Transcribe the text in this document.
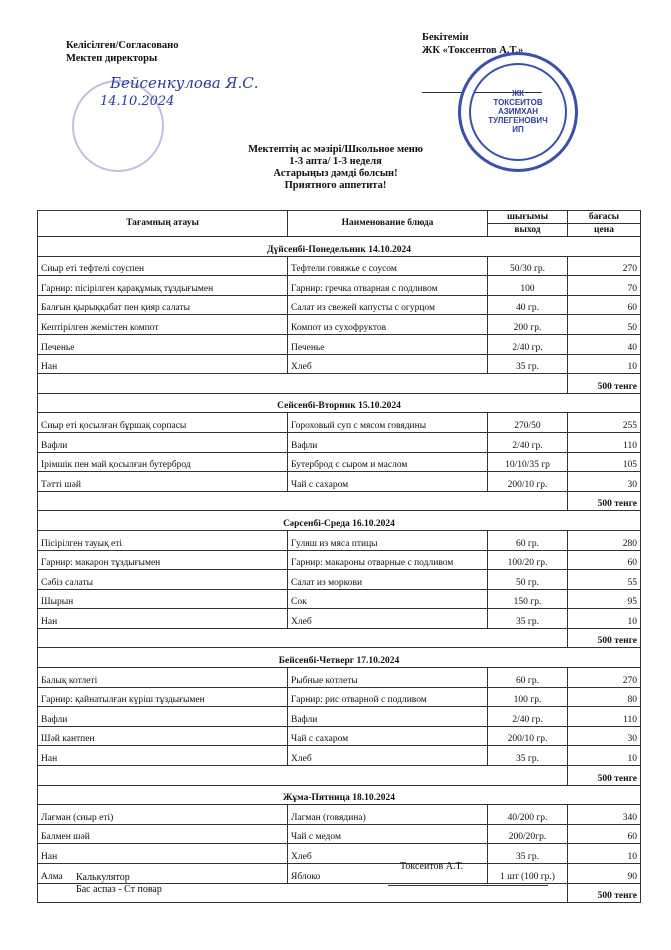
Келісілген/Согласовано
Мектеп директоры
Бейсенкулова Я.С.
14.10.2024
Бекітемін
ЖК «Токсентов А.Т.»
ЖК
ТОКСЕИТОВ
АЗИМХАН
ТУЛЕГЕНОВИЧ
ИП
Мектептің ас мәзірі/Школьное меню
1-3 апта/ 1-3 неделя
Астарыңыз дәмді болсын!
Приятного аппетита!
Тағамның атауы	Наименование блюда	шығымы	бағасы
		выход	цена
Дүйсенбі-Понедельник 14.10.2024			
Сиыр еті тефтелі соуспен	Тефтели говяжье с соусом	50/30 гр.	270
Гарнир: пісірілген қарақұмық тұздығымен	Гарнир: гречка отварная с подливом	100	70
Балғын қырыққабат пен қияр салаты	Салат из свежей капусты с огурцом	40 гр.	60
Кептірілген жемістен компот	Компот из сухофруктов	200 гр.	50
Печенье	Печенье	2/40 гр.	40
Нан	Хлеб	35 гр.	10
			500 тенге
Сейсенбі-Вторник 15.10.2024			
Сиыр еті қосылған бұршақ сорпасы	Гороховый суп с мясом говядины	270/50	255
Вафли	Вафли	2/40 гр.	110
Ірімшік пен май қосылған бутерброд	Бутерброд с сыром и маслом	10/10/35 гр	105
Тәтті шәй	Чай с сахаром	200/10 гр.	30
			500 тенге
Сәрсенбі-Среда 16.10.2024			
Пісірілген тауық еті	Гуляш из мяса птицы	60 гр.	280
Гарнир: макарон тұздығымен	Гарнир: макароны отварные с подливом	100/20 гр.	60
Сәбіз салаты	Салат из моркови	50 гр.	55
Шырын	Сок	150 гр.	95
Нан	Хлеб	35 гр.	10
			500 тенге
Бейсенбі-Четверг 17.10.2024			
Балық котлеті	Рыбные котлеты	60 гр.	270
Гарнир: қайнатылған күріш тұздығымен	Гарнир: рис отварной с подливом	100 гр.	80
Вафли	Вафли	2/40 гр.	110
Шәй кантпен	Чай с сахаром	200/10 гр.	30
Нан	Хлеб	35 гр.	10
			500 тенге
Жұма-Пятница 18.10.2024			
Лағман (сиыр еті)	Лагман (говядина)	40/200 гр.	340
Балмен шәй	Чай с медом	200/20гр.	60
Нан	Хлеб	35 гр.	10
Алма	Яблоко	1 шт (100 гр.)	90
			500 тенге
Калькулятор
Бас аспаз - Ст повар
Токсеитов А.Т.
